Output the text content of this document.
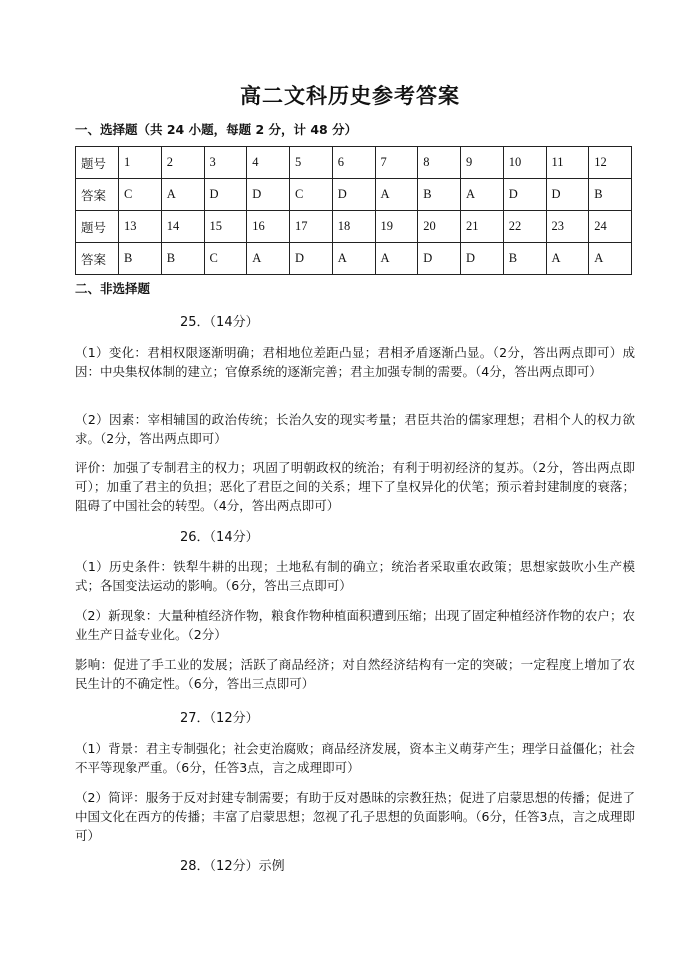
高二文科历史参考答案
一、选择题（共 24 小题，每题 2 分，计 48 分）
题号	1	2	3	4	5	6	7	8	9	10	11	12
答案	C	A	D	D	C	D	A	B	A	D	D	B
题号	13	14	15	16	17	18	19	20	21	22	23	24
答案	B	B	C	A	D	A	A	D	D	B	A	A
二、非选择题
25．（14分）
（1）变化：君相权限逐渐明确；君相地位差距凸显；君相矛盾逐渐凸显。（2分，答出两点即可）成因：中央集权体制的建立；官僚系统的逐渐完善；君主加强专制的需要。（4分，答出两点即可）
（2）因素：宰相辅国的政治传统；长治久安的现实考量；君臣共治的儒家理想；君相个人的权力欲求。（2分，答出两点即可）
评价：加强了专制君主的权力；巩固了明朝政权的统治；有利于明初经济的复苏。（2分，答出两点即可）；加重了君主的负担；恶化了君臣之间的关系；埋下了皇权异化的伏笔；预示着封建制度的衰落；阻碍了中国社会的转型。（4分，答出两点即可）
26．（14分）
（1）历史条件：铁犁牛耕的出现；土地私有制的确立；统治者采取重农政策；思想家鼓吹小生产模式；各国变法运动的影响。（6分，答出三点即可）
（2）新现象：大量种植经济作物，粮食作物种植面积遭到压缩；出现了固定种植经济作物的农户；农业生产日益专业化。（2分）
影响：促进了手工业的发展；活跃了商品经济；对自然经济结构有一定的突破；一定程度上增加了农民生计的不确定性。（6分，答出三点即可）
27．（12分）
（1）背景：君主专制强化；社会吏治腐败；商品经济发展，资本主义萌芽产生；理学日益僵化；社会不平等现象严重。（6分，任答3点，言之成理即可）
（2）简评：服务于反对封建专制需要；有助于反对愚昧的宗教狂热；促进了启蒙思想的传播；促进了中国文化在西方的传播；丰富了启蒙思想；忽视了孔子思想的负面影响。（6分，任答3点，言之成理即可）
28．（12分）示例
